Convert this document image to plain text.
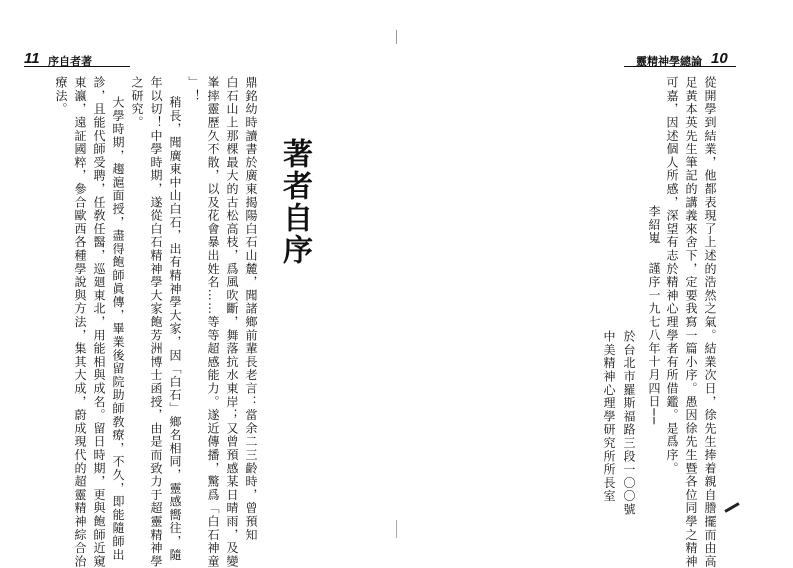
靈精神學總論 10
從開學到結業，他都表現了上述的浩然之氣。結業次日，徐先生捧着親自謄擺而由高
足黃本英先生筆記的講義來舍下，定要我寫一篇小序。愚因徐先生暨各位同學之精神
可嘉，因述個人所感，深望有志於精神心理學者有所借鑑。是爲序。
李紹嵬
謹序一九七八年十月四日──
於台北市羅斯福路三段一〇〇號
中美精神心理學研究所所長室
11 序自者著
著者自序
鼎銘幼時讀書於廣東揭陽白石山麓，聞諸鄉前輩長老言：當余二三齡時，曾預知
白石山上那棵最大的古松高枝，爲風吹斷，舞落抗水東岸；又曾預感某日晴雨，及變
峯摔靈歷久不散，以及花會暴出姓名……等等超感能力。遂近傳播，驚爲「白石神童
」！
稍長，聞廣東中山白石，出有精神學大家，因「白石」鄉名相同，靈感嚮往，隨
年以切！中學時期，遂從白石精神學大家飽芳洲博士函授，由是而致力于超靈精神學
之研究。
大學時期，趨滬面授，盡得飽師眞傳，畢業後留院助師敎療，不久，即能隨師出
診，且能代師受聘，任敎任醫，巡廻東北，用能相與成名。留日時期，更與飽師近窺
東瀛，遠証國粹，參合歐西各種學說與方法，集其大成，蔚成現代的超靈精神綜合治
療法。
